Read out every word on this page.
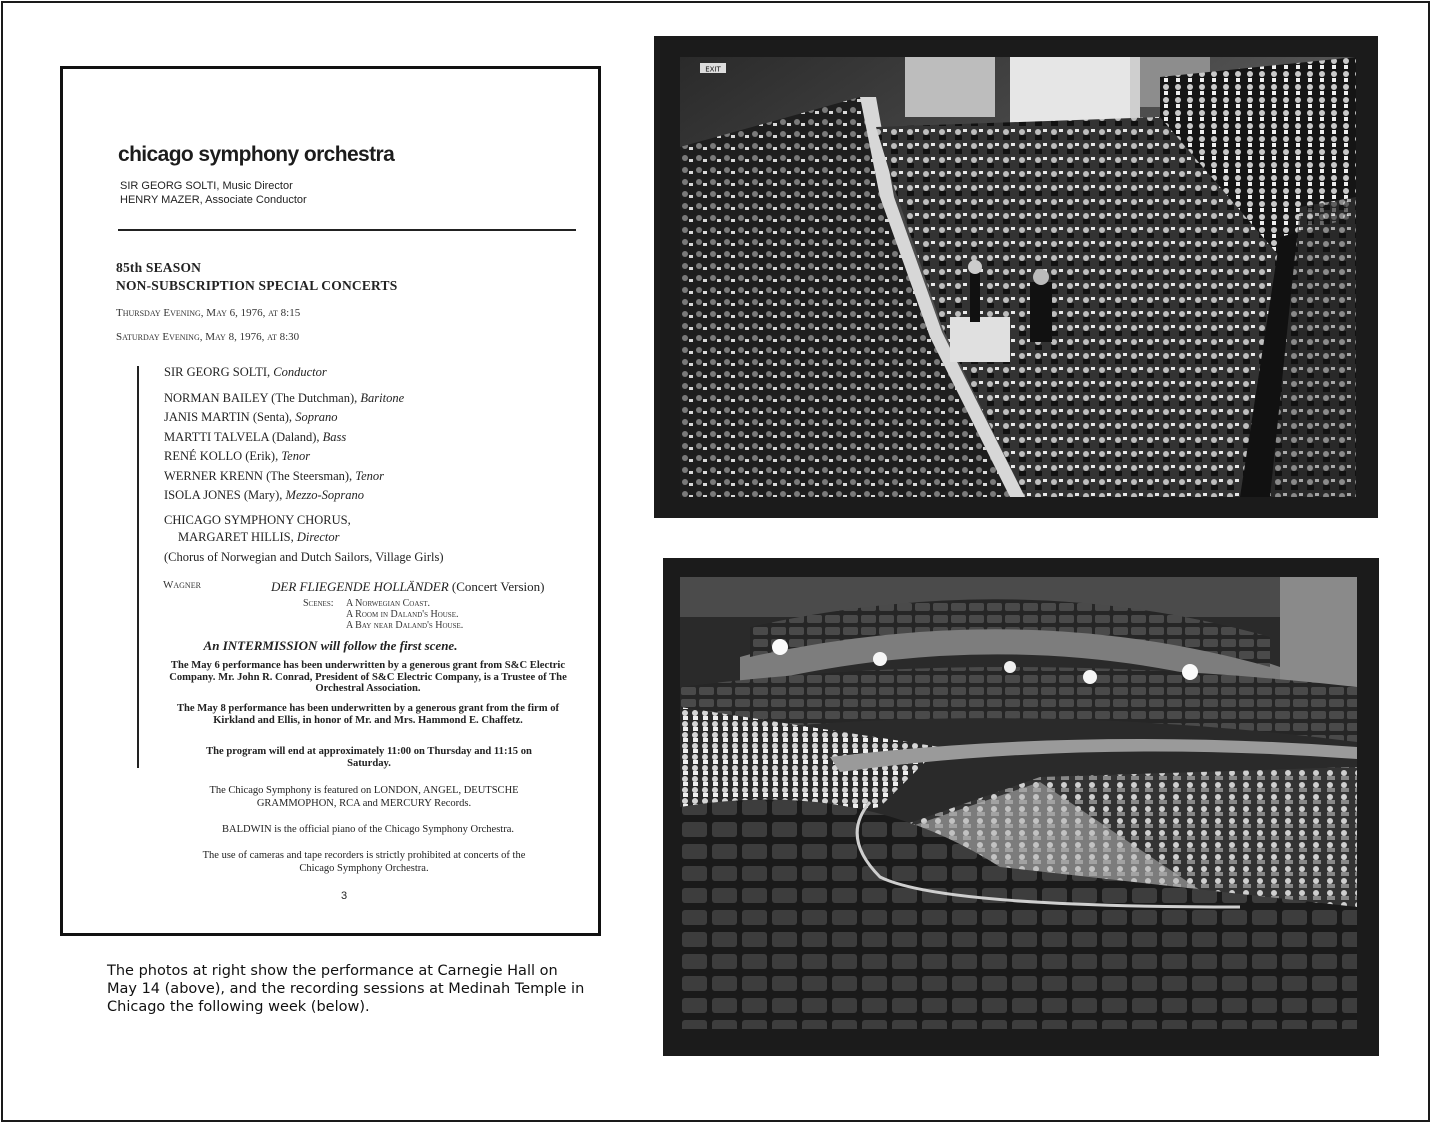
chicago symphony orchestra
SIR GEORG SOLTI, Music Director
HENRY MAZER, Associate Conductor
85th SEASON
NON-SUBSCRIPTION SPECIAL CONCERTS
Thursday Evening, May 6, 1976, at 8:15
Saturday Evening, May 8, 1976, at 8:30
SIR GEORG SOLTI, Conductor
NORMAN BAILEY (The Dutchman), Baritone
JANIS MARTIN (Senta), Soprano
MARTTI TALVELA (Daland), Bass
RENÉ KOLLO (Erik), Tenor
WERNER KRENN (The Steersman), Tenor
ISOLA JONES (Mary), Mezzo-Soprano
CHICAGO SYMPHONY CHORUS,
MARGARET HILLIS, Director
(Chorus of Norwegian and Dutch Sailors, Village Girls)
Wagner	DER FLIEGENDE HOLLÄNDER (Concert Version)
Scenes: A Norwegian Coast.
A Room in Daland's House.
A Bay near Daland's House.
An INTERMISSION will follow the first scene.
The May 6 performance has been underwritten by a generous grant from S&C Electric Company. Mr. John R. Conrad, President of S&C Electric Company, is a Trustee of The Orchestral Association.
The May 8 performance has been underwritten by a generous grant from the firm of Kirkland and Ellis, in honor of Mr. and Mrs. Hammond E. Chaffetz.
The program will end at approximately 11:00 on Thursday and 11:15 on Saturday.
The Chicago Symphony is featured on LONDON, ANGEL, DEUTSCHE GRAMMOPHON, RCA and MERCURY Records.
BALDWIN is the official piano of the Chicago Symphony Orchestra.
The use of cameras and tape recorders is strictly prohibited at concerts of the Chicago Symphony Orchestra.
3
The photos at right show the performance at Carnegie Hall on May 14 (above), and the recording sessions at Medinah Temple in Chicago the following week (below).
EXIT
